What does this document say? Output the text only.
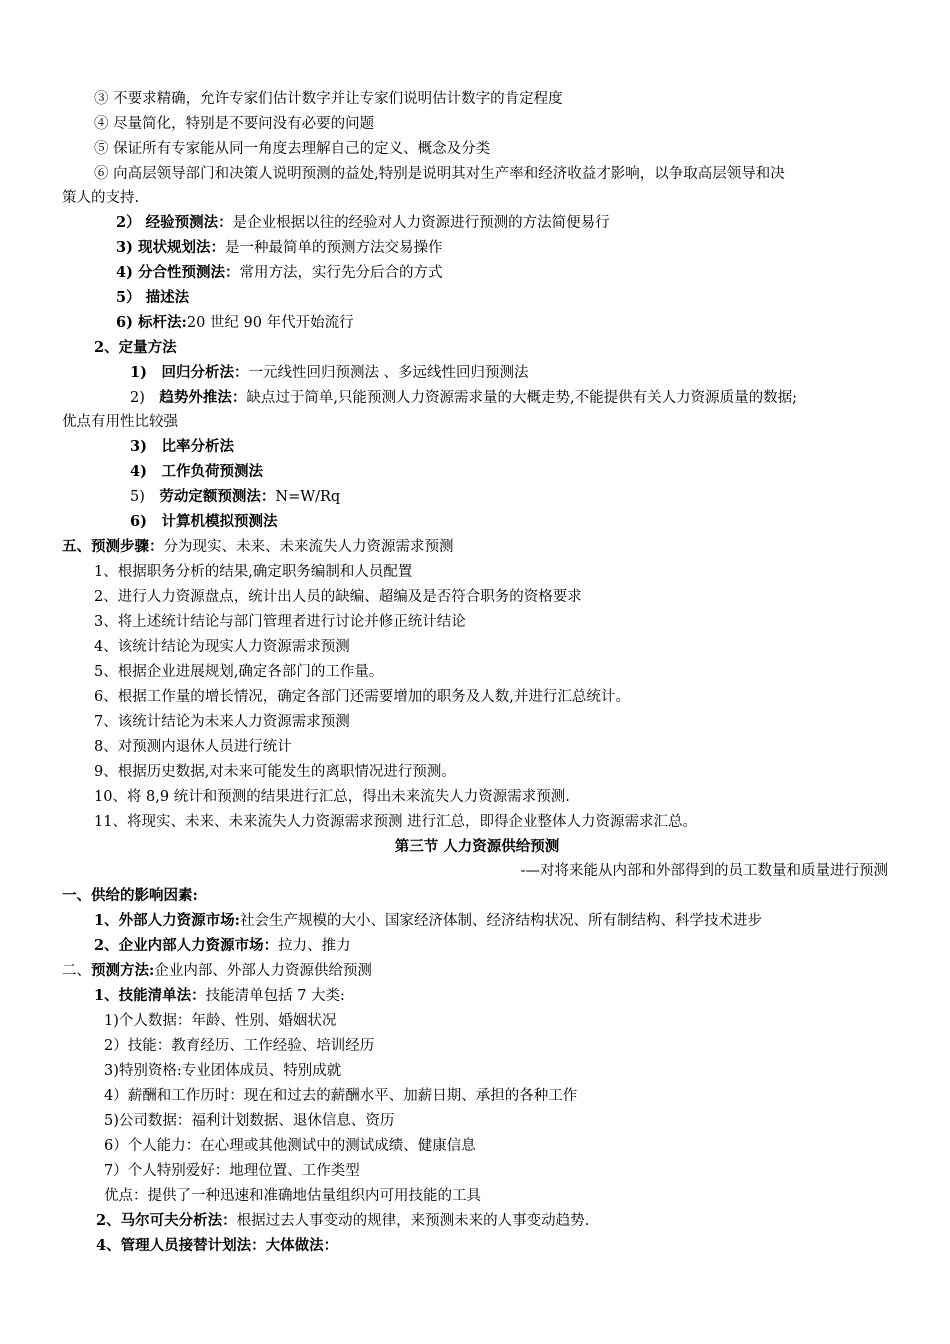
③ 不要求精确，允许专家们估计数字并让专家们说明估计数字的肯定程度
④ 尽量简化，特别是不要问没有必要的问题
⑤ 保证所有专家能从同一角度去理解自己的定义、概念及分类
⑥ 向高层领导部门和决策人说明预测的益处,特别是说明其对生产率和经济收益才影响，以争取高层领导和决
策人的支持.
2） 经验预测法：是企业根据以往的经验对人力资源进行预测的方法简便易行
3) 现状规划法：是一种最简单的预测方法交易操作
4) 分合性预测法：常用方法，实行先分后合的方式
5） 描述法
6) 标杆法:20 世纪 90 年代开始流行
2、定量方法
1)　回归分析法：一元线性回归预测法 、多远线性回归预测法
2)　趋势外推法：缺点过于简单,只能预测人力资源需求量的大概走势,不能提供有关人力资源质量的数据;
优点有用性比较强
3)　比率分析法
4)　工作负荷预测法
5)　劳动定额预测法：N=W/Rq
6)　计算机模拟预测法
五、预测步骤：分为现实、未来、未来流失人力资源需求预测
1、根据职务分析的结果,确定职务编制和人员配置
2、进行人力资源盘点，统计出人员的缺编、超编及是否符合职务的资格要求
3、将上述统计结论与部门管理者进行讨论并修正统计结论
4、该统计结论为现实人力资源需求预测
5、根据企业进展规划,确定各部门的工作量。
6、根据工作量的增长情况，确定各部门还需要增加的职务及人数,并进行汇总统计。
7、该统计结论为未来人力资源需求预测
8、对预测内退休人员进行统计
9、根据历史数据,对未来可能发生的离职情况进行预测。
10、将 8,9 统计和预测的结果进行汇总，得出未来流失人力资源需求预测.
11、将现实、未来、未来流失人力资源需求预测 进行汇总，即得企业整体人力资源需求汇总。
一、供给的影响因素:
1、外部人力资源市场:社会生产规模的大小、国家经济体制、经济结构状况、所有制结构、科学技术进步
2、企业内部人力资源市场：拉力、推力
二、预测方法:企业内部、外部人力资源供给预测
1、技能清单法：技能清单包括 7 大类:
1)个人数据：年龄、性别、婚姻状况
2）技能：教育经历、工作经验、培训经历
3)特别资格:专业团体成员、特别成就
4）薪酬和工作历时：现在和过去的薪酬水平、加薪日期、承担的各种工作
5)公司数据：福利计划数据、退休信息、资历
6）个人能力：在心理或其他测试中的测试成绩、健康信息
7）个人特别爱好：地理位置、工作类型
优点：提供了一种迅速和准确地估量组织内可用技能的工具
2、马尔可夫分析法：根据过去人事变动的规律，来预测未来的人事变动趋势.
4、管理人员接替计划法：大体做法：
第三节 人力资源供给预测
-—对将来能从内部和外部得到的员工数量和质量进行预测
